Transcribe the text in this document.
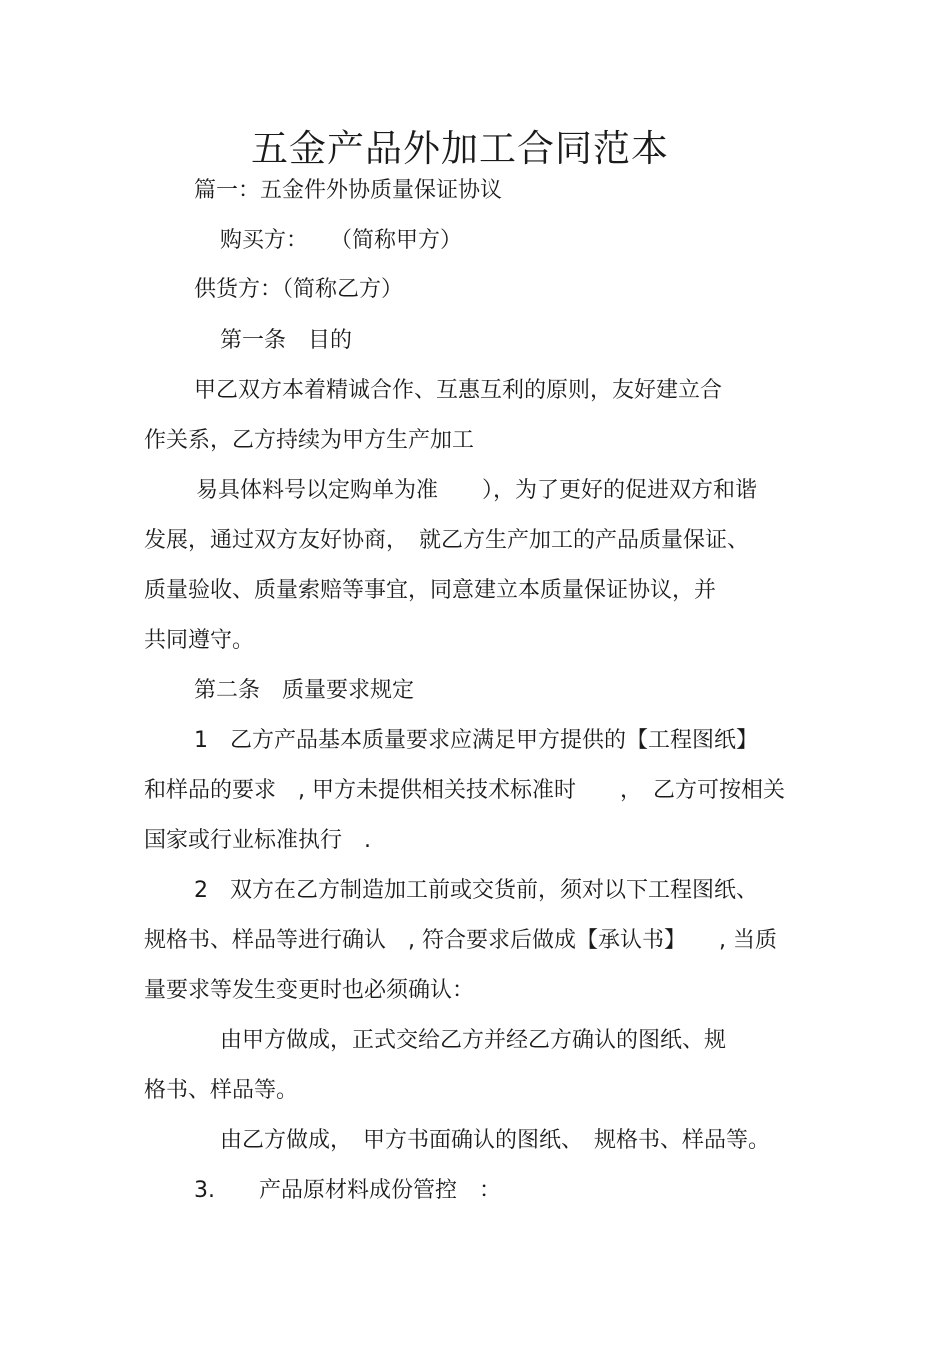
五金产品外加工合同范本
篇一：五金件外协质量保证协议
购买方：　　（简称甲方）
供货方：（简称乙方）
第一条　目的
甲乙双方本着精诚合作、互惠互利的原则，友好建立合
作关系，乙方持续为甲方生产加工
易具体料号以定购单为准　　），为了更好的促进双方和谐
发展，通过双方友好协商，　就乙方生产加工的产品质量保证、
质量验收、质量索赔等事宜，同意建立本质量保证协议，并
共同遵守。
第二条　质量要求规定
1　乙方产品基本质量要求应满足甲方提供的【工程图纸】
和样品的要求　, 甲方未提供相关技术标准时　　，　乙方可按相关
国家或行业标准执行　.
2　双方在乙方制造加工前或交货前，须对以下工程图纸、
规格书、样品等进行确认　, 符合要求后做成【承认书】　　, 当质
量要求等发生变更时也必须确认：
由甲方做成，正式交给乙方并经乙方确认的图纸、规
格书、样品等。
由乙方做成，　甲方书面确认的图纸、　规格书、样品等。
3.　　产品原材料成份管控　：
